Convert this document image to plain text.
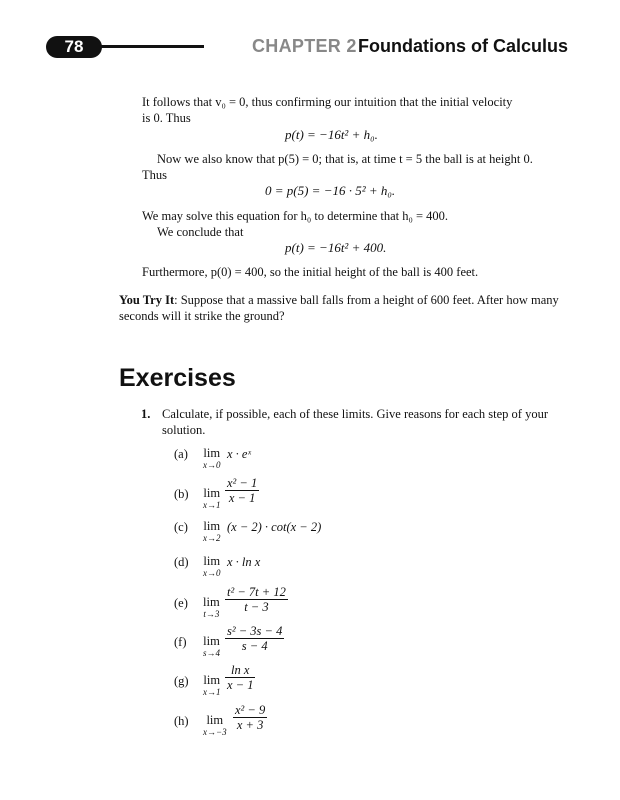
78	CHAPTER 2 Foundations of Calculus
It follows that v₀ = 0, thus confirming our intuition that the initial velocity
is 0. Thus
p(t) = −16t² + h₀.
Now we also know that p(5) = 0; that is, at time t = 5 the ball is at height 0.
Thus
0 = p(5) = −16 · 5² + h₀.
We may solve this equation for h₀ to determine that h₀ = 400.
We conclude that
p(t) = −16t² + 400.
Furthermore, p(0) = 400, so the initial height of the ball is 400 feet.
You Try It: Suppose that a massive ball falls from a height of 600 feet. After how many seconds will it strike the ground?
Exercises
1. Calculate, if possible, each of these limits. Give reasons for each step of your solution.
(a) lim
x→0
x · eˣ
(b) lim
x→1
x² − 1
x − 1
(c) lim
x→2
(x − 2) · cot(x − 2)
(d) lim
x→0
x · ln x
(e) lim
t→3
t² − 7t + 12
t − 3
(f) lim
s→4
s² − 3s − 4
s − 4
(g) lim
x→1
ln x
x − 1
(h) lim
x→−3
x² − 9
x + 3
